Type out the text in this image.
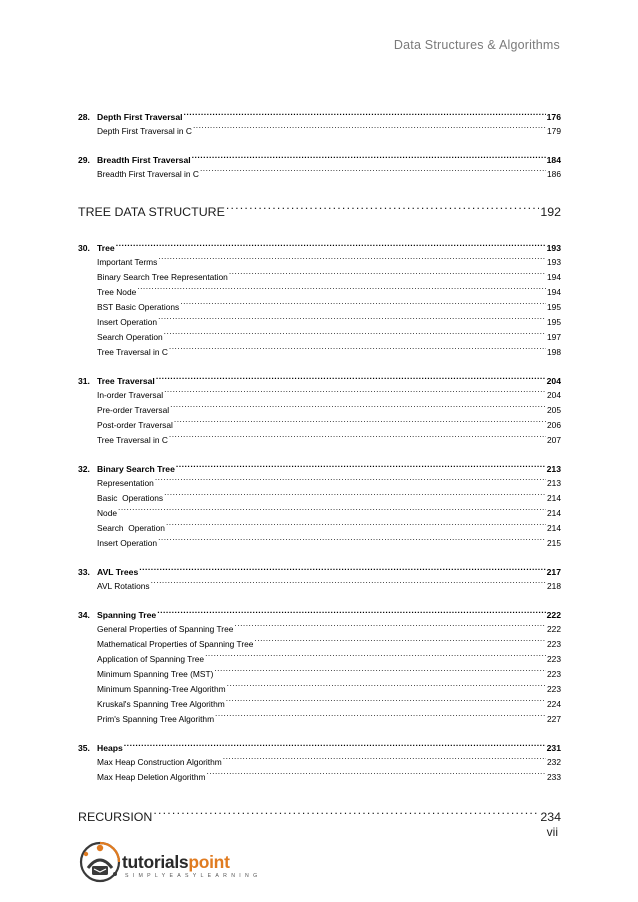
Data Structures & Algorithms
28. Depth First Traversal .....	176
Depth First Traversal in C .....	179
29. Breadth First Traversal .....	184
Breadth First Traversal in C .....	186
TREE DATA STRUCTURE .....	192
30. Tree .....	193
Important Terms .....	193
Binary Search Tree Representation .....	194
Tree Node .....	194
BST Basic Operations .....	195
Insert Operation .....	195
Search Operation .....	197
Tree Traversal in C .....	198
31. Tree Traversal .....	204
In-order Traversal .....	204
Pre-order Traversal .....	205
Post-order Traversal .....	206
Tree Traversal in C .....	207
32. Binary Search Tree .....	213
Representation .....	213
Basic  Operations .....	214
Node .....	214
Search  Operation .....	214
Insert Operation .....	215
33. AVL Trees .....	217
AVL Rotations .....	218
34. Spanning Tree .....	222
General Properties of Spanning Tree .....	222
Mathematical Properties of Spanning Tree .....	223
Application of Spanning Tree .....	223
Minimum Spanning Tree (MST) .....	223
Minimum Spanning-Tree Algorithm .....	223
Kruskal's Spanning Tree Algorithm .....	224
Prim's Spanning Tree Algorithm .....	227
35. Heaps .....	231
Max Heap Construction Algorithm .....	232
Max Heap Deletion Algorithm .....	233
RECURSION .....	234
vii
tutorialspoint
SIMPLYEASYLEARNING
